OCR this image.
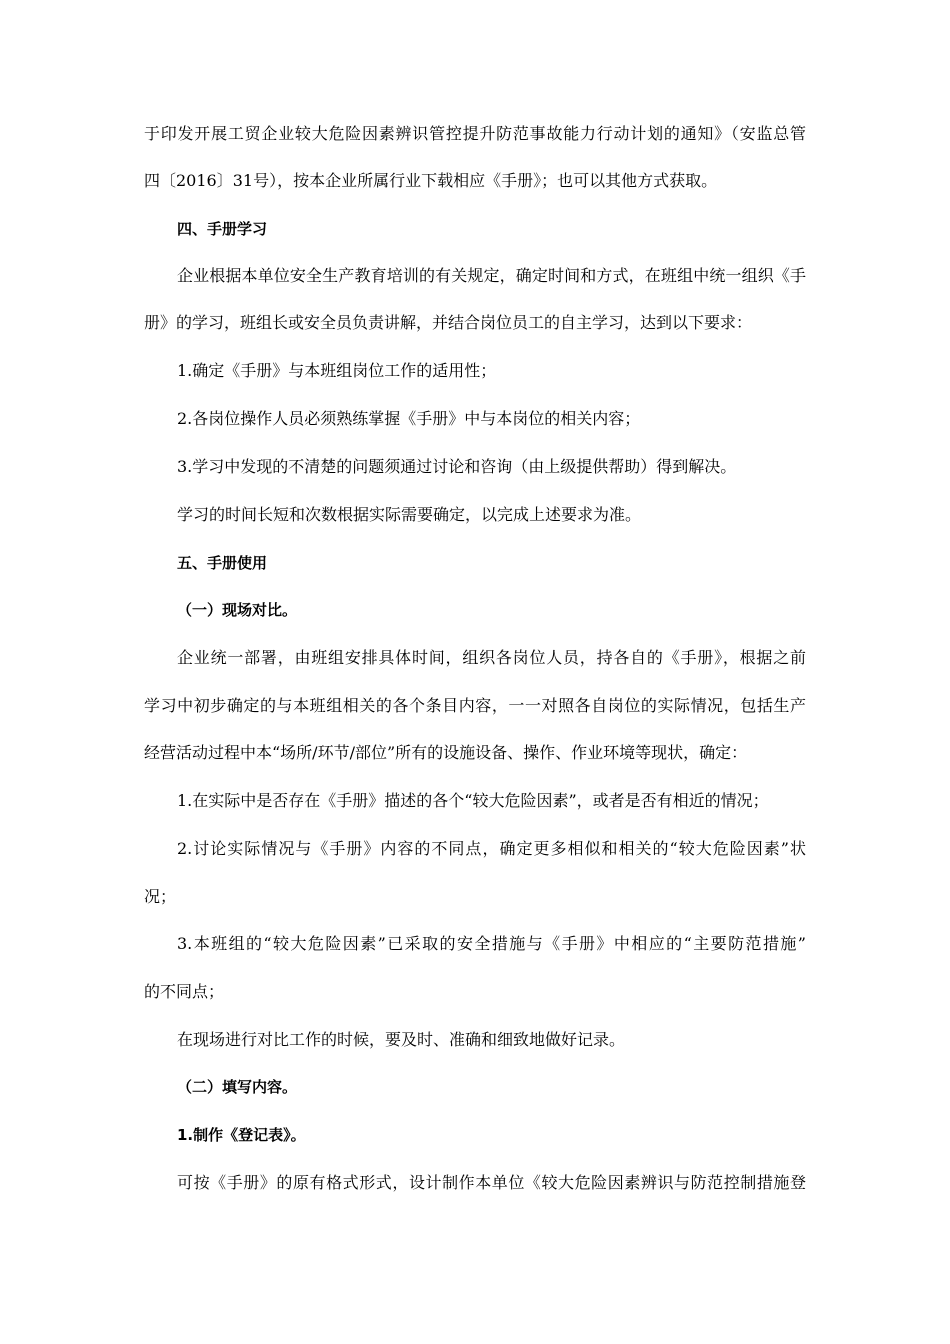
于印发开展工贸企业较大危险因素辨识管控提升防范事故能力行动计划的通知》（安监总管
四〔2016〕31号），按本企业所属行业下载相应《手册》；也可以其他方式获取。
四、手册学习
企业根据本单位安全生产教育培训的有关规定，确定时间和方式，在班组中统一组织《手
册》的学习，班组长或安全员负责讲解，并结合岗位员工的自主学习，达到以下要求：
1.确定《手册》与本班组岗位工作的适用性；
2.各岗位操作人员必须熟练掌握《手册》中与本岗位的相关内容；
3.学习中发现的不清楚的问题须通过讨论和咨询（由上级提供帮助）得到解决。
学习的时间长短和次数根据实际需要确定，以完成上述要求为准。
五、手册使用
（一）现场对比。
企业统一部署，由班组安排具体时间，组织各岗位人员，持各自的《手册》，根据之前
学习中初步确定的与本班组相关的各个条目内容，一一对照各自岗位的实际情况，包括生产
经营活动过程中本“场所/环节/部位”所有的设施设备、操作、作业环境等现状，确定：
1.在实际中是否存在《手册》描述的各个“较大危险因素”，或者是否有相近的情况；
2.讨论实际情况与《手册》内容的不同点，确定更多相似和相关的“较大危险因素”状
况；
3.本班组的“较大危险因素”已采取的安全措施与《手册》中相应的“主要防范措施”
的不同点；
在现场进行对比工作的时候，要及时、准确和细致地做好记录。
（二）填写内容。
1.制作《登记表》。
可按《手册》的原有格式形式，设计制作本单位《较大危险因素辨识与防范控制措施登
